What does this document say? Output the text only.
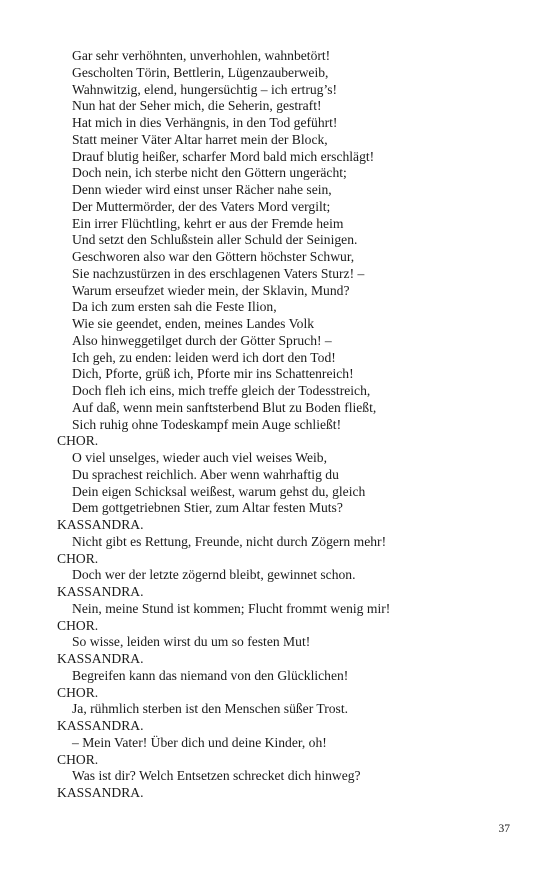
Gar sehr verhöhnten, unverhohlen, wahnbetört!
Gescholten Törin, Bettlerin, Lügenzauberweib,
Wahnwitzig, elend, hungersüchtig – ich ertrug’s!
Nun hat der Seher mich, die Seherin, gestraft!
Hat mich in dies Verhängnis, in den Tod geführt!
Statt meiner Väter Altar harret mein der Block,
Drauf blutig heißer, scharfer Mord bald mich erschlägt!
Doch nein, ich sterbe nicht den Göttern ungerächt;
Denn wieder wird einst unser Rächer nahe sein,
Der Muttermörder, der des Vaters Mord vergilt;
Ein irrer Flüchtling, kehrt er aus der Fremde heim
Und setzt den Schlußstein aller Schuld der Seinigen.
Geschworen also war den Göttern höchster Schwur,
Sie nachzustürzen in des erschlagenen Vaters Sturz! –
Warum erseufzet wieder mein, der Sklavin, Mund?
Da ich zum ersten sah die Feste Ilion,
Wie sie geendet, enden, meines Landes Volk
Also hinweggetilget durch der Götter Spruch! –
Ich geh, zu enden: leiden werd ich dort den Tod!
Dich, Pforte, grüß ich, Pforte mir ins Schattenreich!
Doch fleh ich eins, mich treffe gleich der Todesstreich,
Auf daß, wenn mein sanftsterbend Blut zu Boden fließt,
Sich ruhig ohne Todeskampf mein Auge schließt!
CHOR.
O viel unselges, wieder auch viel weises Weib,
Du sprachest reichlich. Aber wenn wahrhaftig du
Dein eigen Schicksal weißest, warum gehst du, gleich
Dem gottgetriebnen Stier, zum Altar festen Muts?
KASSANDRA.
Nicht gibt es Rettung, Freunde, nicht durch Zögern mehr!
CHOR.
Doch wer der letzte zögernd bleibt, gewinnet schon.
KASSANDRA.
Nein, meine Stund ist kommen; Flucht frommt wenig mir!
CHOR.
So wisse, leiden wirst du um so festen Mut!
KASSANDRA.
Begreifen kann das niemand von den Glücklichen!
CHOR.
Ja, rühmlich sterben ist den Menschen süßer Trost.
KASSANDRA.
– Mein Vater! Über dich und deine Kinder, oh!
CHOR.
Was ist dir? Welch Entsetzen schrecket dich hinweg?
KASSANDRA.
37
